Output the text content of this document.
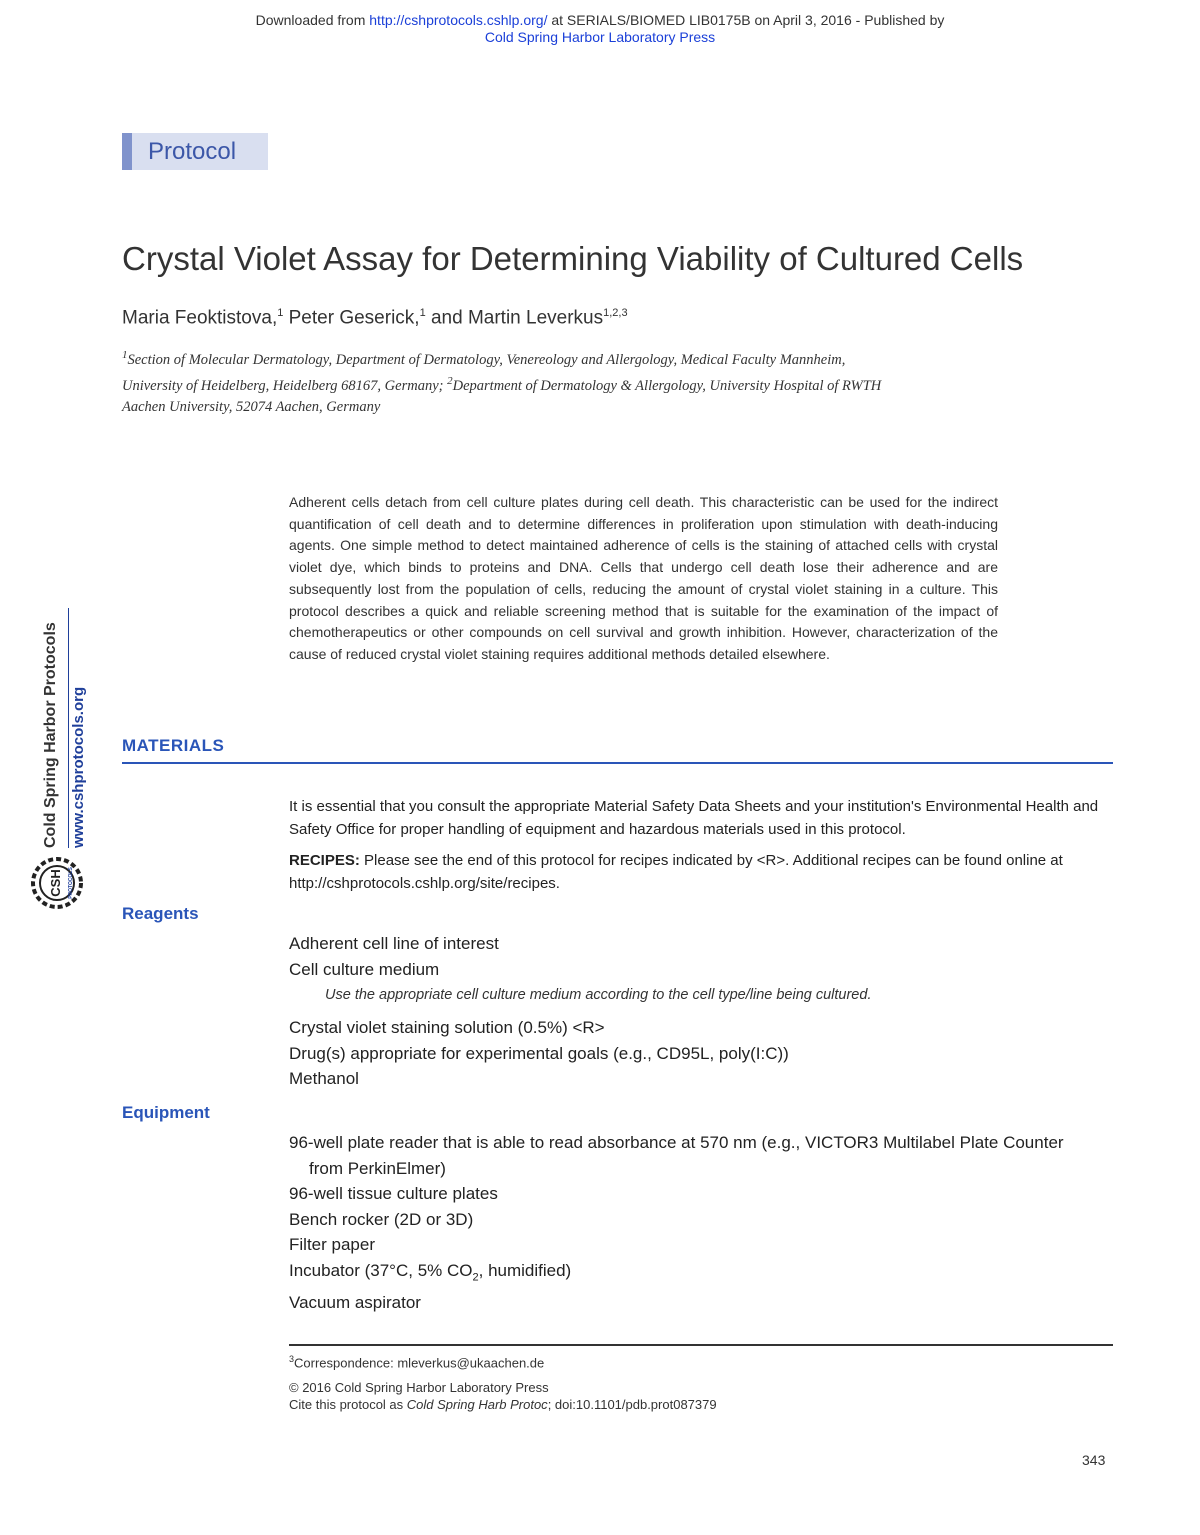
Downloaded from http://cshprotocols.cshlp.org/ at SERIALS/BIOMED LIB0175B on April 3, 2016 - Published by
Cold Spring Harbor Laboratory Press
Protocol
Crystal Violet Assay for Determining Viability of Cultured Cells
Maria Feoktistova,$^1$ Peter Geserick,$^1$ and Martin Leverkus$^{1,2,3}$
$^1$Section of Molecular Dermatology, Department of Dermatology, Venereology and Allergology, Medical Faculty Mannheim, University of Heidelberg, Heidelberg 68167, Germany; $^2$Department of Dermatology & Allergology, University Hospital of RWTH Aachen University, 52074 Aachen, Germany
Adherent cells detach from cell culture plates during cell death. This characteristic can be used for the indirect quantification of cell death and to determine differences in proliferation upon stimulation with death-inducing agents. One simple method to detect maintained adherence of cells is the staining of attached cells with crystal violet dye, which binds to proteins and DNA. Cells that undergo cell death lose their adherence and are subsequently lost from the population of cells, reducing the amount of crystal violet staining in a culture. This protocol describes a quick and reliable screening method that is suitable for the examination of the impact of chemotherapeutics or other compounds on cell survival and growth inhibition. However, characterization of the cause of reduced crystal violet staining requires additional methods detailed elsewhere.
Cold Spring Harbor Protocols www.cshprotocols.org
CSH PROTOCOLS
MATERIALS
It is essential that you consult the appropriate Material Safety Data Sheets and your institution's Environmental Health and Safety Office for proper handling of equipment and hazardous materials used in this protocol.
RECIPES: Please see the end of this protocol for recipes indicated by <R>. Additional recipes can be found online at http://cshprotocols.cshlp.org/site/recipes.
Reagents
Adherent cell line of interest
Cell culture medium
Use the appropriate cell culture medium according to the cell type/line being cultured.
Crystal violet staining solution (0.5%) <R>
Drug(s) appropriate for experimental goals (e.g., CD95L, poly(I:C))
Methanol
Equipment
96-well plate reader that is able to read absorbance at 570 nm (e.g., VICTOR3 Multilabel Plate Counter
from PerkinElmer)
96-well tissue culture plates
Bench rocker (2D or 3D)
Filter paper
Incubator (37°C, 5% $CO_2$, humidified)
Vacuum aspirator
$^3$Correspondence: mleverkus@ukaachen.de
© 2016 Cold Spring Harbor Laboratory Press
Cite this protocol as Cold Spring Harb Protoc; doi:10.1101/pdb.prot087379
343
